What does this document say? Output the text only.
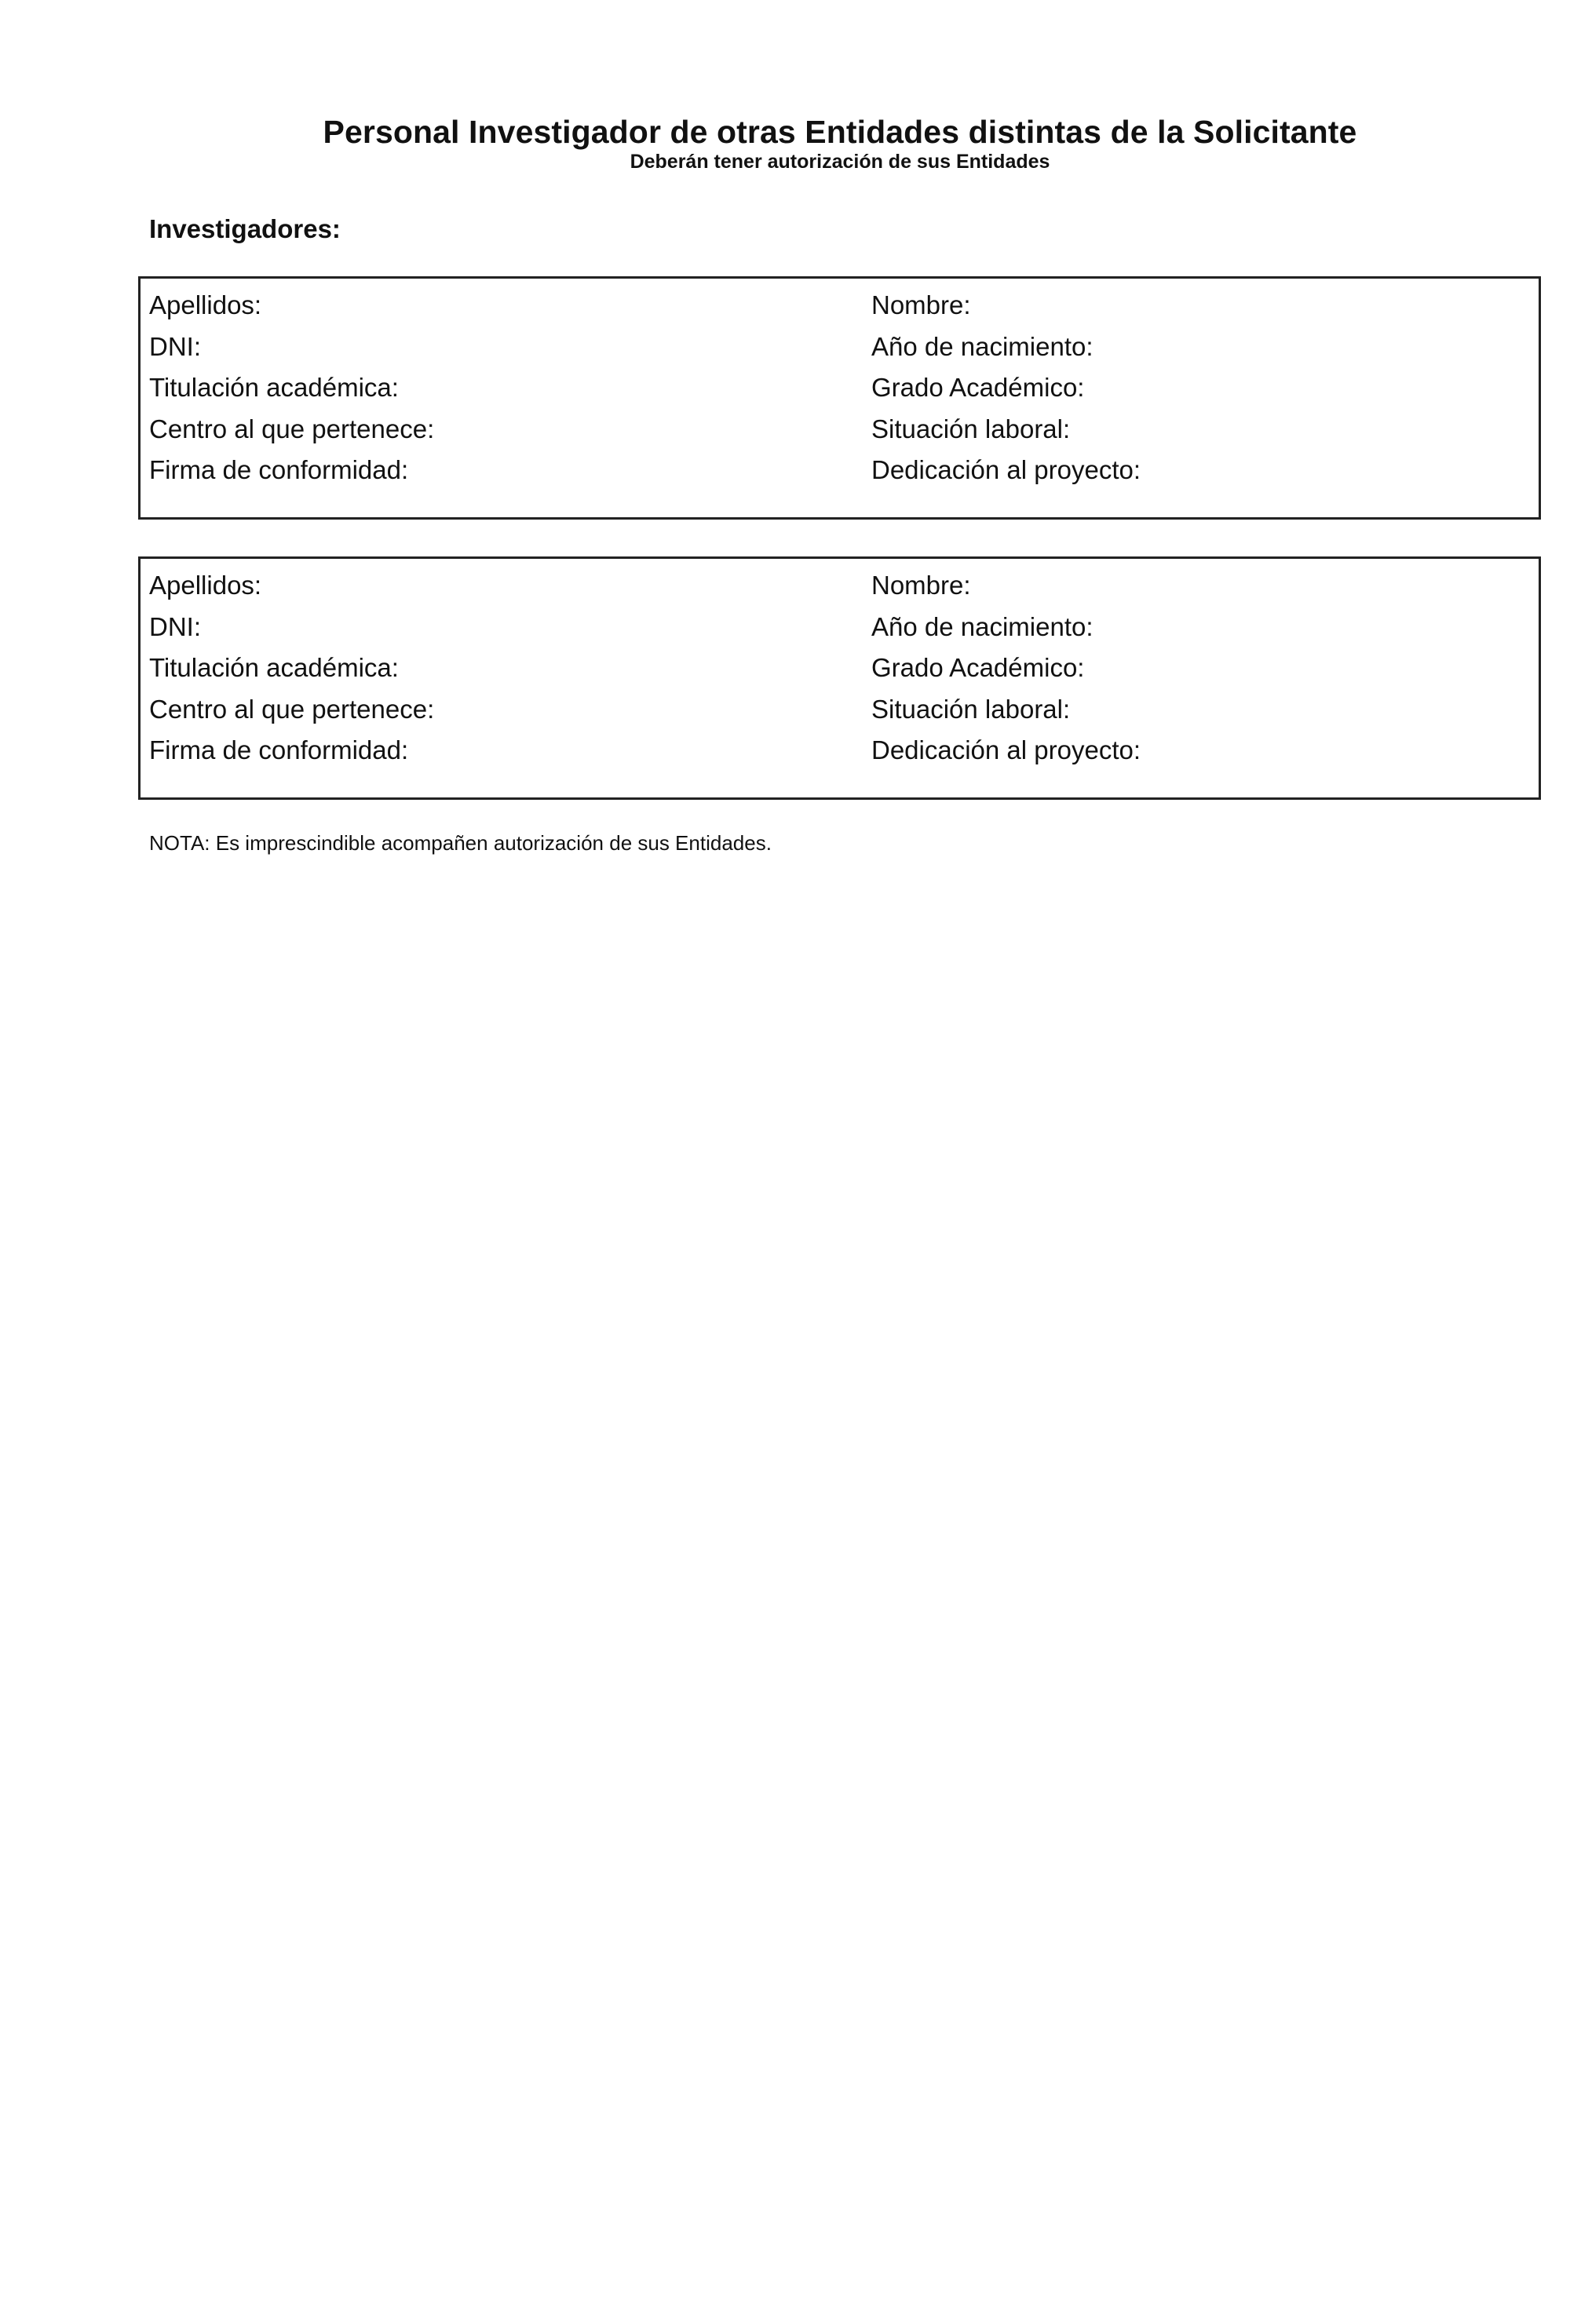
Personal Investigador de otras Entidades distintas de la Solicitante
Deberán tener autorización de sus Entidades
Investigadores:
Apellidos:
DNI:
Titulación académica:
Centro al que pertenece:
Firma de conformidad:
Nombre:
Año de nacimiento:
Grado Académico:
Situación laboral:
Dedicación al proyecto:
Apellidos:
DNI:
Titulación académica:
Centro al que pertenece:
Firma de conformidad:
Nombre:
Año de nacimiento:
Grado Académico:
Situación laboral:
Dedicación al proyecto:
NOTA: Es imprescindible acompañen autorización de sus Entidades.
